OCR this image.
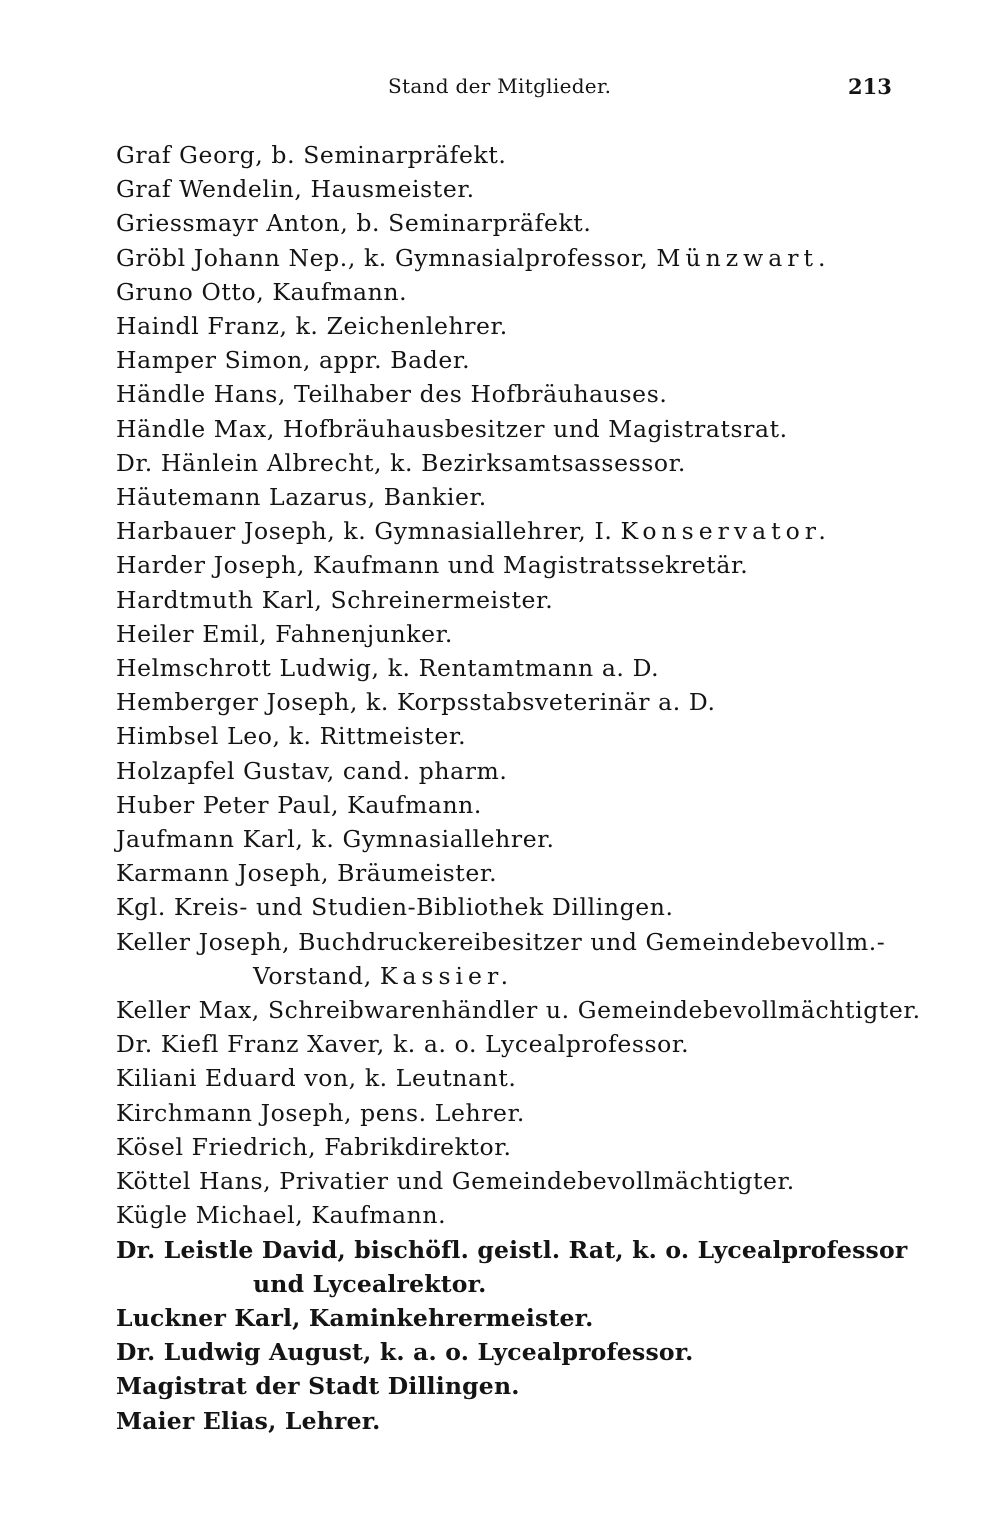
Stand der Mitglieder.	213
Graf Georg, b. Seminarpräfekt.
Graf Wendelin, Hausmeister.
Griessmayr Anton, b. Seminarpräfekt.
Gröbl Johann Nep., k. Gymnasialprofessor, Münzwart.
Gruno Otto, Kaufmann.
Haindl Franz, k. Zeichenlehrer.
Hamper Simon, appr. Bader.
Händle Hans, Teilhaber des Hofbräuhauses.
Händle Max, Hofbräuhausbesitzer und Magistratsrat.
Dr. Hänlein Albrecht, k. Bezirksamtsassessor.
Häutemann Lazarus, Bankier.
Harbauer Joseph, k. Gymnasiallehrer, I. Konservator.
Harder Joseph, Kaufmann und Magistratssekretär.
Hardtmuth Karl, Schreinermeister.
Heiler Emil, Fahnenjunker.
Helmschrott Ludwig, k. Rentamtmann a. D.
Hemberger Joseph, k. Korpsstabsveterinär a. D.
Himbsel Leo, k. Rittmeister.
Holzapfel Gustav, cand. pharm.
Huber Peter Paul, Kaufmann.
Jaufmann Karl, k. Gymnasiallehrer.
Karmann Joseph, Bräumeister.
Kgl. Kreis- und Studien-Bibliothek Dillingen.
Keller Joseph, Buchdruckereibesitzer und Gemeindebevollm.-
Vorstand, Kassier.
Keller Max, Schreibwarenhändler u. Gemeindebevollmächtigter.
Dr. Kiefl Franz Xaver, k. a. o. Lycealprofessor.
Kiliani Eduard von, k. Leutnant.
Kirchmann Joseph, pens. Lehrer.
Kösel Friedrich, Fabrikdirektor.
Köttel Hans, Privatier und Gemeindebevollmächtigter.
Kügle Michael, Kaufmann.
Dr. Leistle David, bischöfl. geistl. Rat, k. o. Lycealprofessor
und Lycealrektor.
Luckner Karl, Kaminkehrermeister.
Dr. Ludwig August, k. a. o. Lycealprofessor.
Magistrat der Stadt Dillingen.
Maier Elias, Lehrer.
